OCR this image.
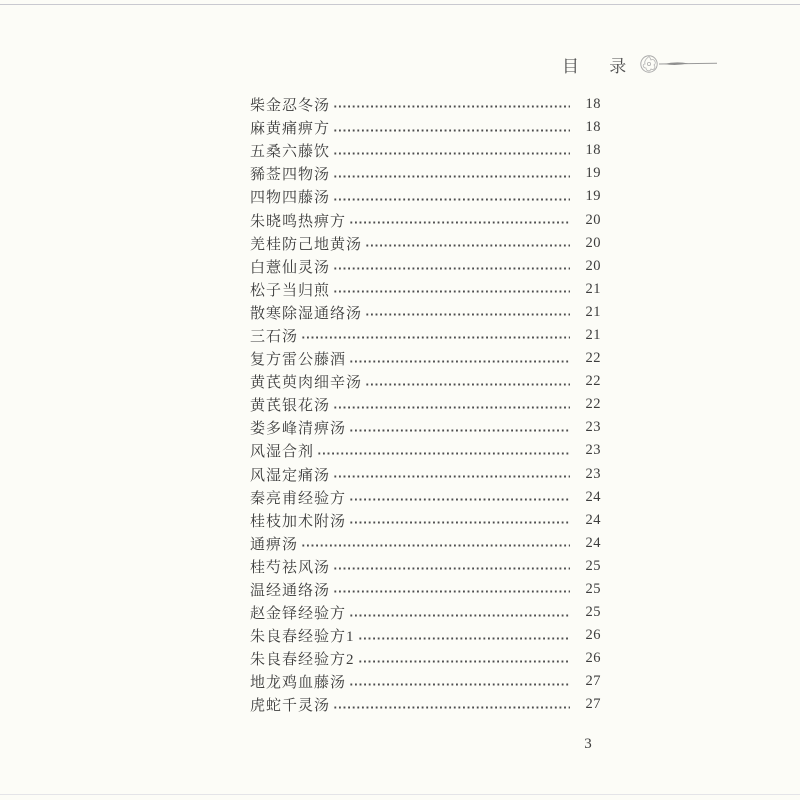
目 录
柴金忍冬汤	18
麻黄痛痹方	18
五桑六藤饮	18
豨莶四物汤	19
四物四藤汤	19
朱晓鸣热痹方	20
羌桂防己地黄汤	20
白薏仙灵汤	20
松子当归煎	21
散寒除湿通络汤	21
三石汤	21
复方雷公藤酒	22
黄芪萸肉细辛汤	22
黄芪银花汤	22
娄多峰清痹汤	23
风湿合剂	23
风湿定痛汤	23
秦亮甫经验方	24
桂枝加术附汤	24
通痹汤	24
桂芍祛风汤	25
温经通络汤	25
赵金铎经验方	25
朱良春经验方1	26
朱良春经验方2	26
地龙鸡血藤汤	27
虎蛇千灵汤	27
3
